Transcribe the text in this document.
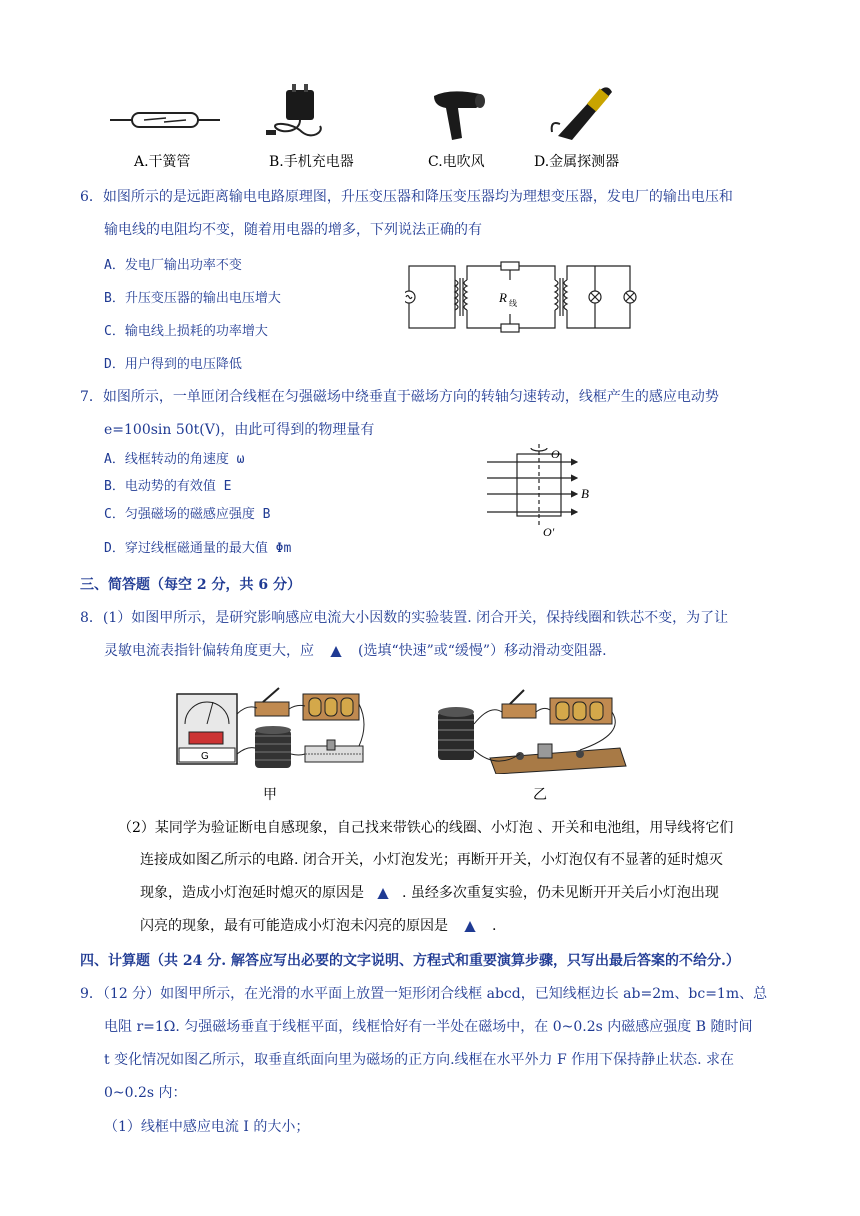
A.干簧管	B.手机充电器	C.电吹风	D.金属探测器
6．如图所示的是远距离输电电路原理图，升压变压器和降压变压器均为理想变压器，发电厂的输出电压和
输电线的电阻均不变，随着用电器的增多，下列说法正确的有
A．发电厂输出功率不变
B．升压变压器的输出电压增大
C．输电线上损耗的功率增大
D．用户得到的电压降低
R 线
7．如图所示，一单匝闭合线框在匀强磁场中绕垂直于磁场方向的转轴匀速转动，线框产生的感应电动势
e=100sin 50t(V)，由此可得到的物理量有
A．线框转动的角速度 ω
B．电动势的有效值 E
C．匀强磁场的磁感应强度 B
D．穿过线框磁通量的最大值 Φm
O
B
O'
三、简答题（每空 2 分，共 6 分）
8．(1）如图甲所示，是研究影响感应电流大小因数的实验装置. 闭合开关，保持线圈和铁芯不变，为了让
灵敏电流表指针偏转角度更大，应 ▲ (选填“快速”或“缓慢”）移动滑动变阻器.
G
甲	乙
（2）某同学为验证断电自感现象，自己找来带铁心的线圈、小灯泡 、开关和电池组，用导线将它们
连接成如图乙所示的电路. 闭合开关，小灯泡发光；再断开开关，小灯泡仅有不显著的延时熄灭
现象，造成小灯泡延时熄灭的原因是 ▲ . 虽经多次重复实验，仍未见断开开关后小灯泡出现
闪亮的现象，最有可能造成小灯泡未闪亮的原因是 ▲ .
四、计算题（共 24 分. 解答应写出必要的文字说明、方程式和重要演算步骤，只写出最后答案的不给分.）
9．（12 分）如图甲所示，在光滑的水平面上放置一矩形闭合线框 abcd，已知线框边长 ab=2m、bc=1m、总
电阻 r=1Ω. 匀强磁场垂直于线框平面，线框恰好有一半处在磁场中，在 0~0.2s 内磁感应强度 B 随时间
t 变化情况如图乙所示，取垂直纸面向里为磁场的正方向.线框在水平外力 F 作用下保持静止状态. 求在
0~0.2s 内：
（1）线框中感应电流 I 的大小；
